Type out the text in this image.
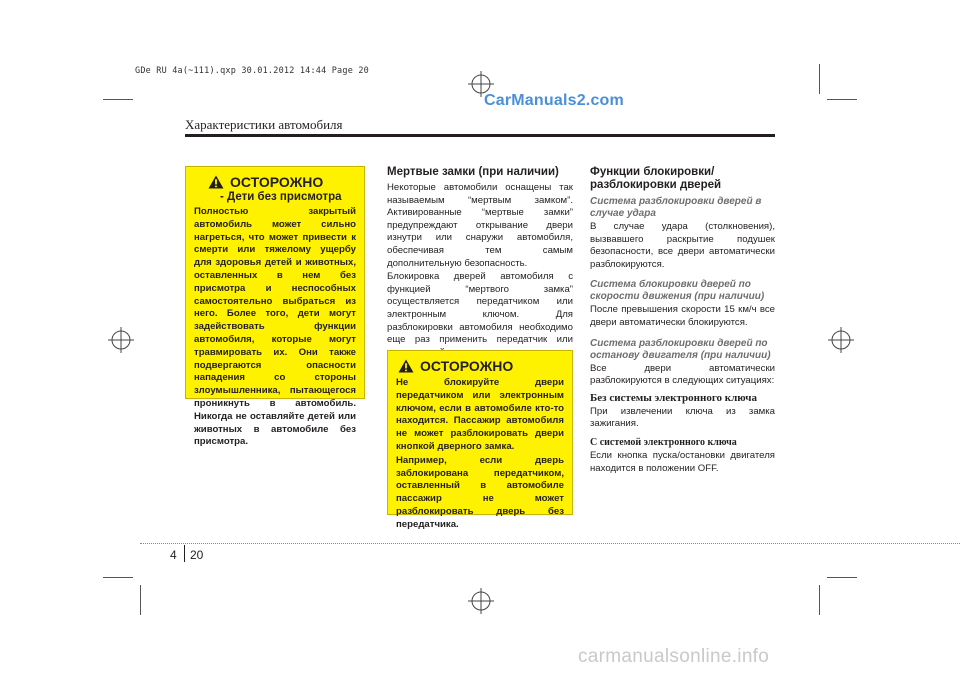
GDe RU 4a(~111).qxp 30.01.2012 14:44 Page 20
CarManuals2.com
Характеристики автомобиля
ОСТОРОЖНО
- Дети без присмотра
Полностью закрытый автомобиль может сильно нагреться, что может привести к смерти или тяжелому ущербу для здоровья детей и животных, оставленных в нем без присмотра и неспособных самостоятельно выбраться из него. Более того, дети могут задействовать функции автомобиля, которые могут травмировать их. Они также подвергаются опасности нападения со стороны злоумышленника, пытающегося проникнуть в автомобиль. Никогда не оставляйте детей или животных в автомобиле без присмотра.
Мертвые замки (при наличии)
Некоторые автомобили оснащены так называемым “мертвым замком”. Активированные “мертвые замки” предупреждают открывание двери изнутри или снаружи автомобиля, обеспечивая тем самым дополнительную безопасность.
Блокировка дверей автомобиля с функцией “мертвого замка” осуществляется передатчиком или электронным ключом. Для разблокировки автомобиля необходимо еще раз применить передатчик или
ОСТОРОЖНО
Не блокируйте двери передатчиком или электронным ключом, если в автомобиле кто-то находится. Пассажир автомобиля не может разблокировать двери кнопкой дверного замка.
Например, если дверь заблокирована передатчиком, оставленный в автомобиле пассажир не может разблокировать дверь без передатчика.
Функции блокировки/ разблокировки дверей
Система разблокировки дверей в случае удара
В случае удара (столкновения), вызвавшего раскрытие подушек безопасности, все двери автоматически разблокируются.
Система блокировки дверей по скорости движения (при наличии)
После превышения скорости 15 км/ч все двери автоматически блокируются.
Система разблокировки дверей по останову двигателя (при наличии)
Все двери автоматически разблокируются в следующих ситуациях:
Без системы электронного ключа
При извлечении ключа из замка зажигания.
С системой электронного ключа
Если кнопка пуска/остановки двигателя находится в положении OFF.
4 20
carmanualsonline.info
